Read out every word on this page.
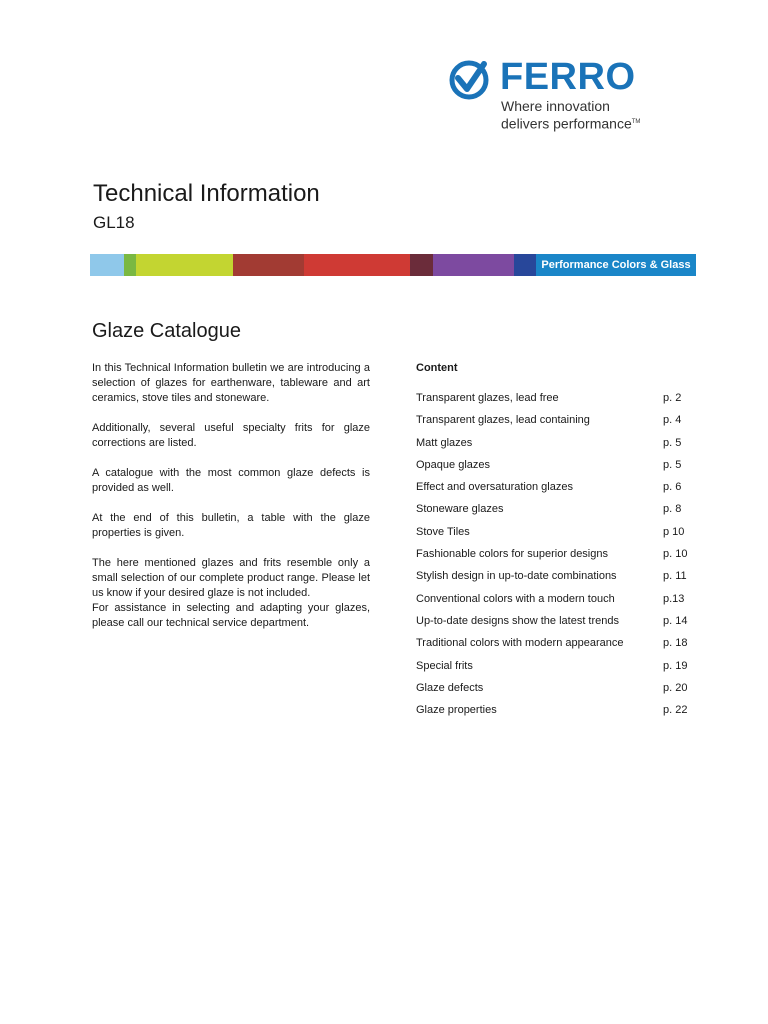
FERRO
Where innovation
delivers performance™
Technical Information
GL18
Performance Colors & Glass
Glaze Catalogue

In this Technical Information bulletin we are introducing a selection of glazes for earthenware, tableware and art ceramics, stove tiles and stoneware.

Additionally, several useful specialty frits for glaze corrections are listed.

A catalogue with the most common glaze defects is provided as well.

At the end of this bulletin, a table with the glaze properties is given.

The here mentioned glazes and frits resemble only a small selection of our complete product range. Please let us know if your desired glaze is not included.

For assistance in selecting and adapting your glazes, please call our technical service department.

Content
Transparent glazes, lead free	p. 2
Transparent glazes, lead containing	p. 4
Matt glazes	p. 5
Opaque glazes	p. 5
Effect and oversaturation glazes	p. 6
Stoneware glazes	p. 8
Stove Tiles	p 10
Fashionable colors for superior designs	p. 10
Stylish design in up-to-date combinations	p. 11
Conventional colors with a modern touch	p.13
Up-to-date designs show the latest trends	p. 14
Traditional colors with modern appearance	p. 18
Special frits	p. 19
Glaze defects	p. 20
Glaze properties	p. 22
